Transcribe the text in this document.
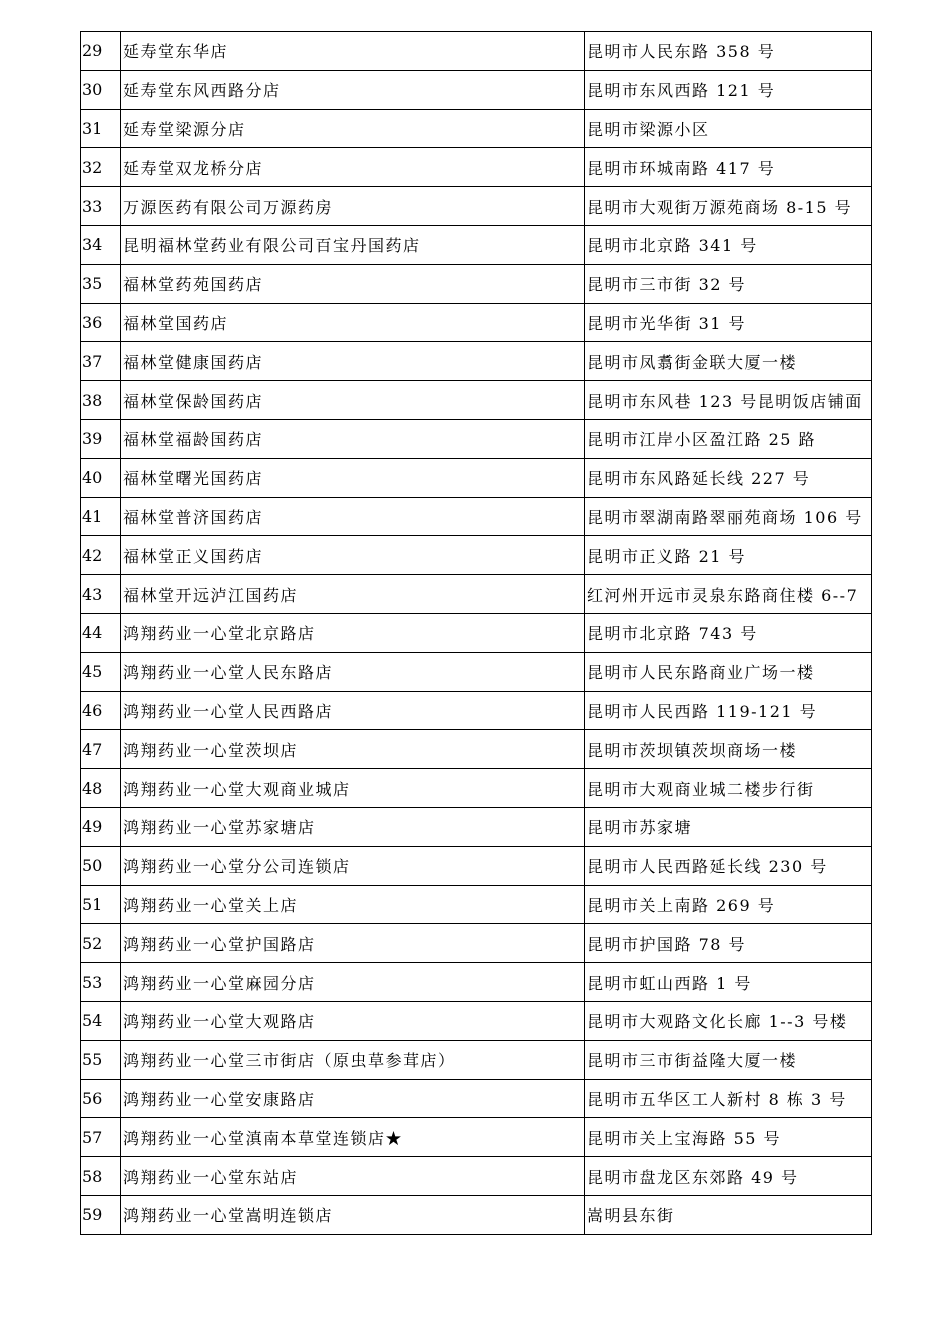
29	延寿堂东华店	昆明市人民东路 358 号
30	延寿堂东风西路分店	昆明市东风西路 121 号
31	延寿堂梁源分店	昆明市梁源小区
32	延寿堂双龙桥分店	昆明市环城南路 417 号
33	万源医药有限公司万源药房	昆明市大观街万源苑商场 8-15 号
34	昆明福林堂药业有限公司百宝丹国药店	昆明市北京路 341 号
35	福林堂药苑国药店	昆明市三市街 32 号
36	福林堂国药店	昆明市光华街 31 号
37	福林堂健康国药店	昆明市凤翥街金联大厦一楼
38	福林堂保龄国药店	昆明市东风巷 123 号昆明饭店铺面
39	福林堂福龄国药店	昆明市江岸小区盈江路 25 路
40	福林堂曙光国药店	昆明市东风路延长线 227 号
41	福林堂普济国药店	昆明市翠湖南路翠丽苑商场 106 号
42	福林堂正义国药店	昆明市正义路 21 号
43	福林堂开远泸江国药店	红河州开远市灵泉东路商住楼 6--7
44	鸿翔药业一心堂北京路店	昆明市北京路 743 号
45	鸿翔药业一心堂人民东路店	昆明市人民东路商业广场一楼
46	鸿翔药业一心堂人民西路店	昆明市人民西路 119-121 号
47	鸿翔药业一心堂茨坝店	昆明市茨坝镇茨坝商场一楼
48	鸿翔药业一心堂大观商业城店	昆明市大观商业城二楼步行街
49	鸿翔药业一心堂苏家塘店	昆明市苏家塘
50	鸿翔药业一心堂分公司连锁店	昆明市人民西路延长线 230 号
51	鸿翔药业一心堂关上店	昆明市关上南路 269 号
52	鸿翔药业一心堂护国路店	昆明市护国路 78 号
53	鸿翔药业一心堂麻园分店	昆明市虹山西路 1 号
54	鸿翔药业一心堂大观路店	昆明市大观路文化长廊 1--3 号楼
55	鸿翔药业一心堂三市街店（原虫草参茸店）	昆明市三市街益隆大厦一楼
56	鸿翔药业一心堂安康路店	昆明市五华区工人新村 8 栋 3 号
57	鸿翔药业一心堂滇南本草堂连锁店★	昆明市关上宝海路 55 号
58	鸿翔药业一心堂东站店	昆明市盘龙区东郊路 49 号
59	鸿翔药业一心堂嵩明连锁店	嵩明县东街
